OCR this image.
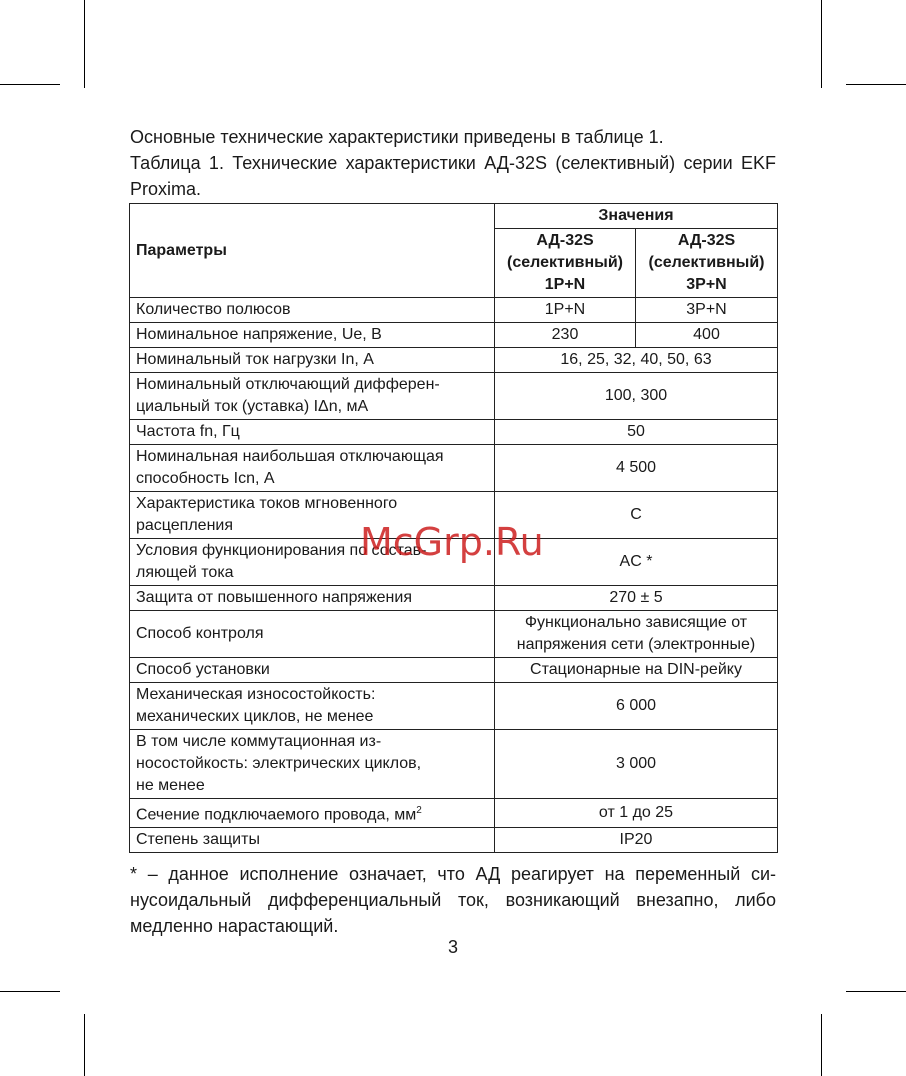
Основные технические характеристики приведены в таблице 1.

Таблица 1. Технические характеристики АД-32S (селективный) серии EKF Proxima.

Параметры	Значения	
	АД-32S
(селективный)
1P+N	АД-32S
(селективный)
3P+N
Количество полюсов	1P+N	3P+N
Номинальное напряжение, Ue, В	230	400
Номинальный ток нагрузки In, А	16, 25, 32, 40, 50, 63	
Номинальный отключающий дифферен-
циальный ток (уставка) IΔn, мА	100, 300	
Частота fn, Гц	50	
Номинальная наибольшая отключающая
способность Icn, А	4 500	
Характеристика токов мгновенного
расцепления	C	
Условия функционирования по состав-
ляющей тока	AC *	
Защита от повышенного напряжения	270 ± 5	
Способ контроля	Функционально зависящие от
напряжения сети (электронные)	
Способ установки	Стационарные на DIN-рейку	
Механическая износостойкость:
механических циклов, не менее	6 000	
В том числе коммутационная из-
носостойкость: электрических циклов,
не менее	3 000	
Сечение подключаемого провода, $мм^2$	от 1 до 25	
Степень защиты	IP20	

* – данное исполнение означает, что АД реагирует на переменный си-нусоидальный дифференциальный ток, возникающий внезапно, либо медленно нарастающий.

3
McGrp.Ru
